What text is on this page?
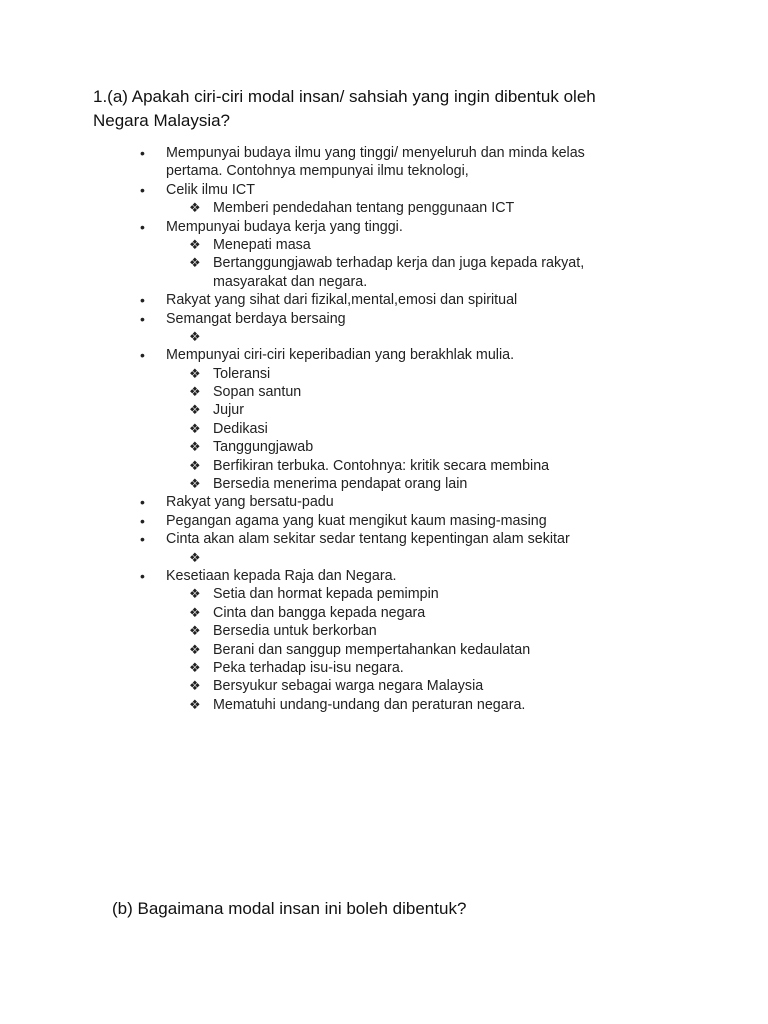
1.(a) Apakah ciri-ciri modal insan/ sahsiah yang ingin dibentuk oleh
Negara Malaysia?
• Mempunyai budaya ilmu yang tinggi/ menyeluruh dan minda kelas
pertama. Contohnya mempunyai ilmu teknologi,
• Celik ilmu ICT
❖ Memberi pendedahan tentang penggunaan ICT
• Mempunyai budaya kerja yang tinggi.
❖ Menepati masa
❖ Bertanggungjawab terhadap kerja dan juga kepada rakyat,
masyarakat dan negara.
• Rakyat yang sihat dari fizikal,mental,emosi dan spiritual
• Semangat berdaya bersaing
❖
• Mempunyai ciri-ciri keperibadian yang berakhlak mulia.
❖ Toleransi
❖ Sopan santun
❖ Jujur
❖ Dedikasi
❖ Tanggungjawab
❖ Berfikiran terbuka. Contohnya: kritik secara membina
❖ Bersedia menerima pendapat orang lain
• Rakyat yang bersatu-padu
• Pegangan agama yang kuat mengikut kaum masing-masing
• Cinta akan alam sekitar sedar tentang kepentingan alam sekitar
❖
• Kesetiaan kepada Raja dan Negara.
❖ Setia dan hormat kepada pemimpin
❖ Cinta dan bangga kepada negara
❖ Bersedia untuk berkorban
❖ Berani dan sanggup mempertahankan kedaulatan
❖ Peka terhadap isu-isu negara.
❖ Bersyukur sebagai warga negara Malaysia
❖ Mematuhi undang-undang dan peraturan negara.
(b) Bagaimana modal insan ini boleh dibentuk?
